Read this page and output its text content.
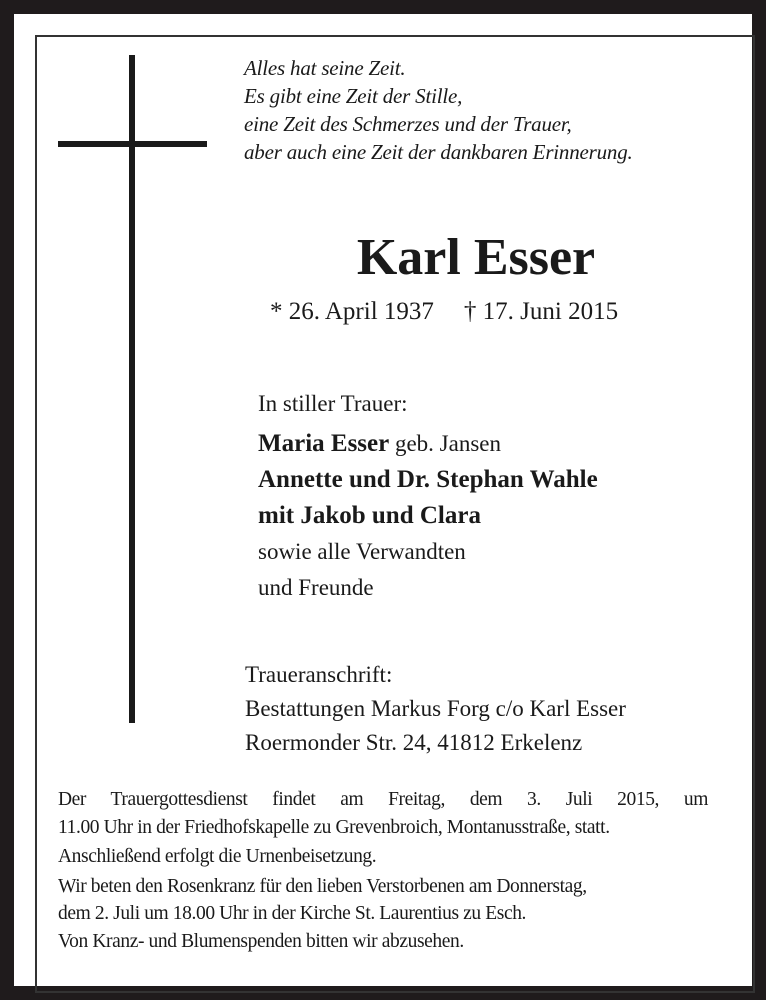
Alles hat seine Zeit.
Es gibt eine Zeit der Stille,
eine Zeit des Schmerzes und der Trauer,
aber auch eine Zeit der dankbaren Erinnerung.
Karl Esser
* 26. April 1937 † 17. Juni 2015
In stiller Trauer:
Maria Esser geb. Jansen
Annette und Dr. Stephan Wahle
mit Jakob und Clara
sowie alle Verwandten
und Freunde
Traueranschrift:
Bestattungen Markus Forg c/o Karl Esser
Roermonder Str. 24, 41812 Erkelenz
Der Trauergottesdienst findet am Freitag, dem 3. Juli 2015, um
11.00 Uhr in der Friedhofskapelle zu Grevenbroich, Montanusstraße, statt.
Anschließend erfolgt die Urnenbeisetzung.
Wir beten den Rosenkranz für den lieben Verstorbenen am Donnerstag,
dem 2. Juli um 18.00 Uhr in der Kirche St. Laurentius zu Esch.
Von Kranz- und Blumenspenden bitten wir abzusehen.
